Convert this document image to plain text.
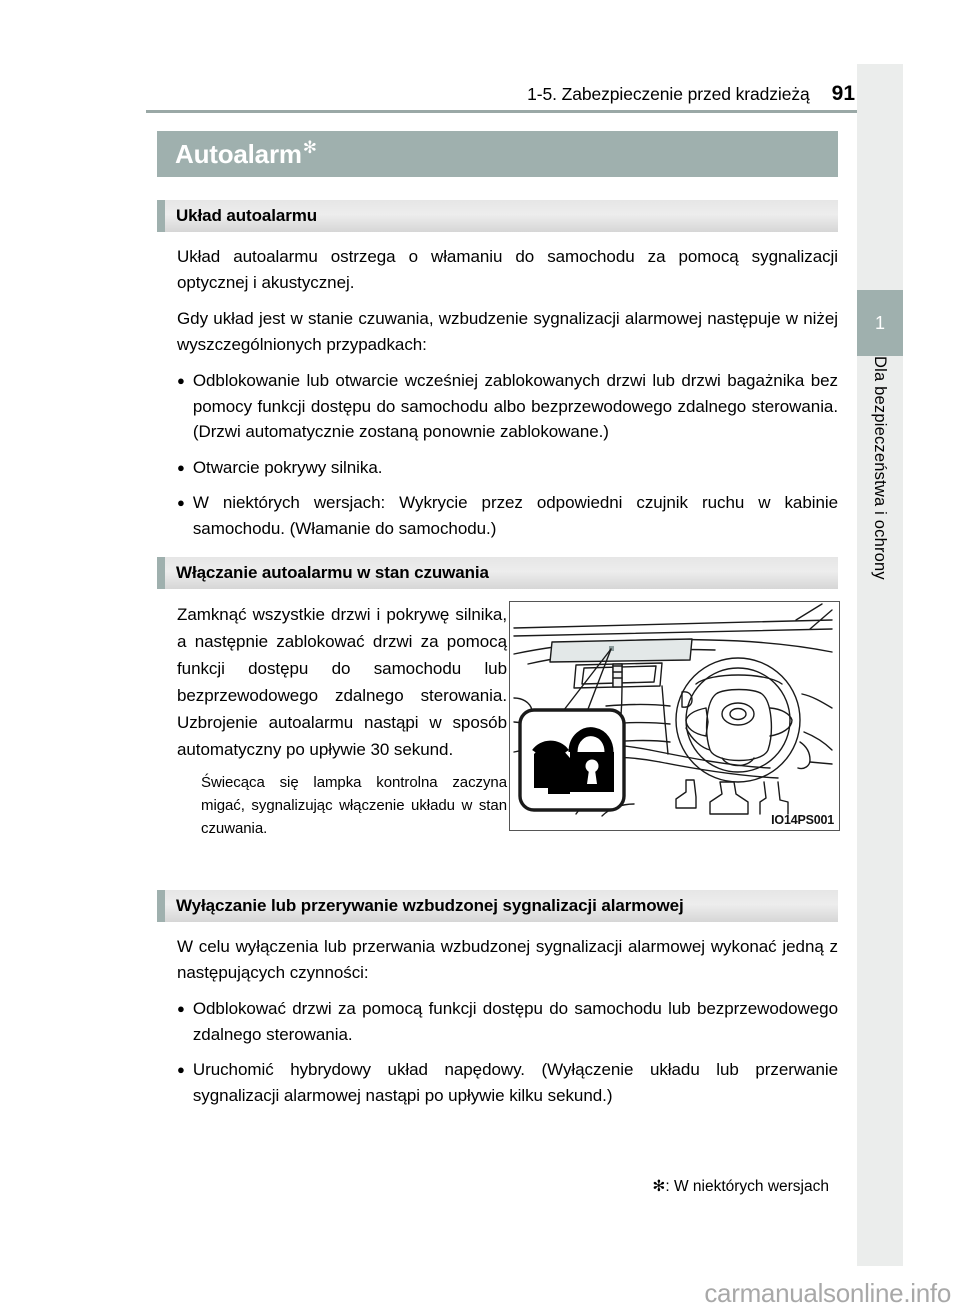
1-5. Zabezpieczenie przed kradzieżą 91
1
Dla bezpieczeństwa i ochrony
Autoalarm ✻
Układ autoalarmu

Układ autoalarmu ostrzega o włamaniu do samochodu za pomocą sygnalizacji optycznej i akustycznej.

Gdy układ jest w stanie czuwania, wzbudzenie sygnalizacji alarmowej następuje w niżej wyszczególnionych przypadkach:

● Odblokowanie lub otwarcie wcześniej zablokowanych drzwi lub drzwi bagażnika bez pomocy funkcji dostępu do samochodu albo bezprzewodowego zdalnego sterowania. (Drzwi automatycznie zostaną ponownie zablokowane.)
● Otwarcie pokrywy silnika.
● W niektórych wersjach: Wykrycie przez odpowiedni czujnik ruchu w kabinie samochodu. (Włamanie do samochodu.)
Włączanie autoalarmu w stan czuwania

Zamknąć wszystkie drzwi i pokrywę silnika, a następnie zablokować drzwi za pomocą funkcji dostępu do samochodu lub bezprzewodowego zdalnego sterowania. Uzbrojenie autoalarmu nastąpi w sposób automatyczny po upływie 30 sekund.

Świecąca się lampka kontrolna zaczyna migać, sygnalizując włączenie układu w stan czuwania.	IO14PS001
Wyłączanie lub przerywanie wzbudzonej sygnalizacji alarmowej

W celu wyłączenia lub przerwania wzbudzonej sygnalizacji alarmowej wykonać jedną z następujących czynności:

● Odblokować drzwi za pomocą funkcji dostępu do samochodu lub bezprzewodowego zdalnego sterowania.
● Uruchomić hybrydowy układ napędowy. (Wyłączenie układu lub przerwanie sygnalizacji alarmowej nastąpi po upływie kilku sekund.)
✻: W niektórych wersjach
carmanualsonline.info
